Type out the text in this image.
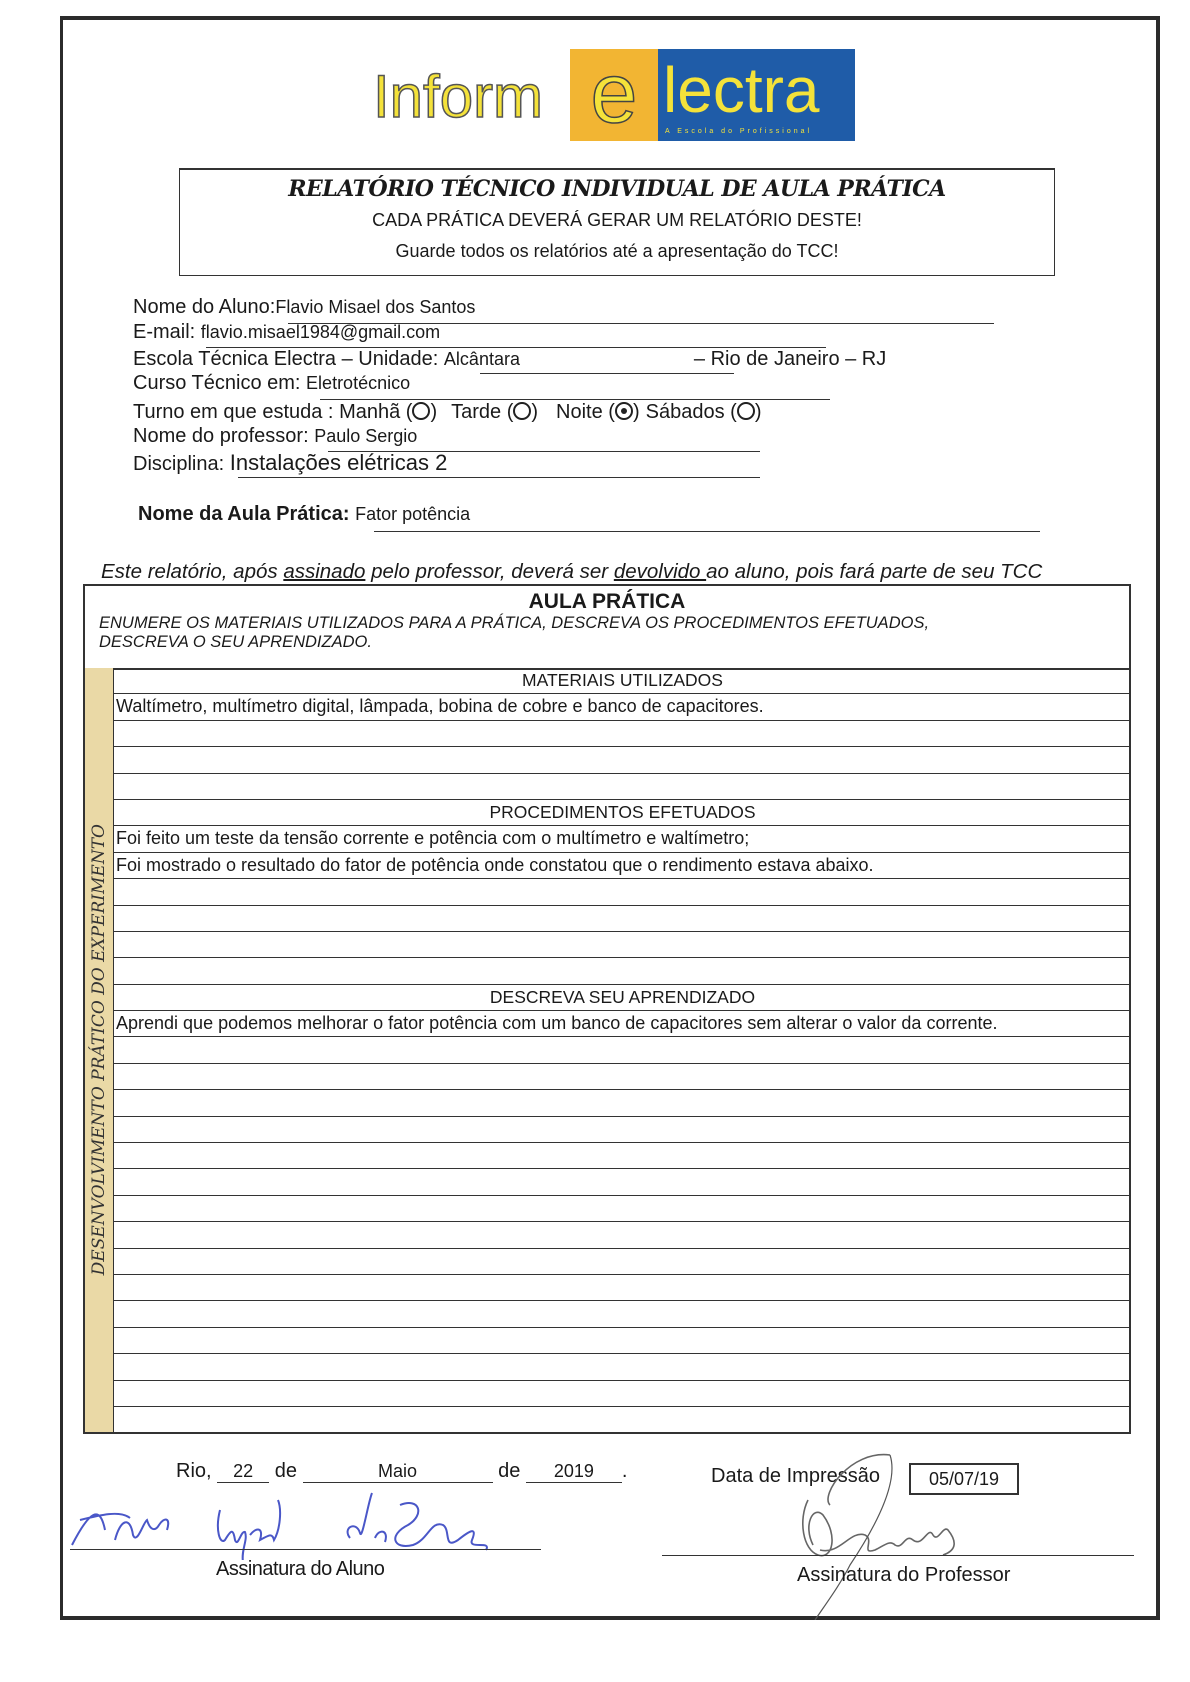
Inform e lectra
A Escola do Profissional
RELATÓRIO TÉCNICO INDIVIDUAL DE AULA PRÁTICA
CADA PRÁTICA DEVERÁ GERAR UM RELATÓRIO DESTE!
Guarde todos os relatórios até a apresentação do TCC!
Nome do Aluno:Flavio Misael dos Santos
E-mail: flavio.misael1984@gmail.com
Escola Técnica Electra – Unidade: Alcântara	– Rio de Janeiro – RJ
Curso Técnico em: Eletrotécnico
Turno em que estuda : Manhã ( ) Tarde ( ) Noite ( ) Sábados ( )
Nome do professor: Paulo Sergio
Disciplina: Instalações elétricas 2
Nome da Aula Prática: Fator potência
Este relatório, após assinado pelo professor, deverá ser devolvido ao aluno, pois fará parte de seu TCC
AULA PRÁTICA
ENUMERE OS MATERIAIS UTILIZADOS PARA A PRÁTICA, DESCREVA OS PROCEDIMENTOS EFETUADOS,
DESCREVA O SEU APRENDIZADO.
DESENVOLVIMENTO PRÁTICO DO EXPERIMENTO
MATERIAIS UTILIZADOS
Waltímetro, multímetro digital, lâmpada, bobina de cobre e banco de capacitores.
PROCEDIMENTOS EFETUADOS
Foi feito um teste da tensão corrente e potência com o multímetro e waltímetro;
Foi mostrado o resultado do fator de potência onde constatou que o rendimento estava abaixo.
DESCREVA SEU APRENDIZADO
Aprendi que podemos melhorar o fator potência com um banco de capacitores sem alterar o valor da corrente.
Rio, 22 de	Maio	de 2019 .	Data de Impressão	05/07/19
Assinatura do Aluno	Assinatura do Professor
